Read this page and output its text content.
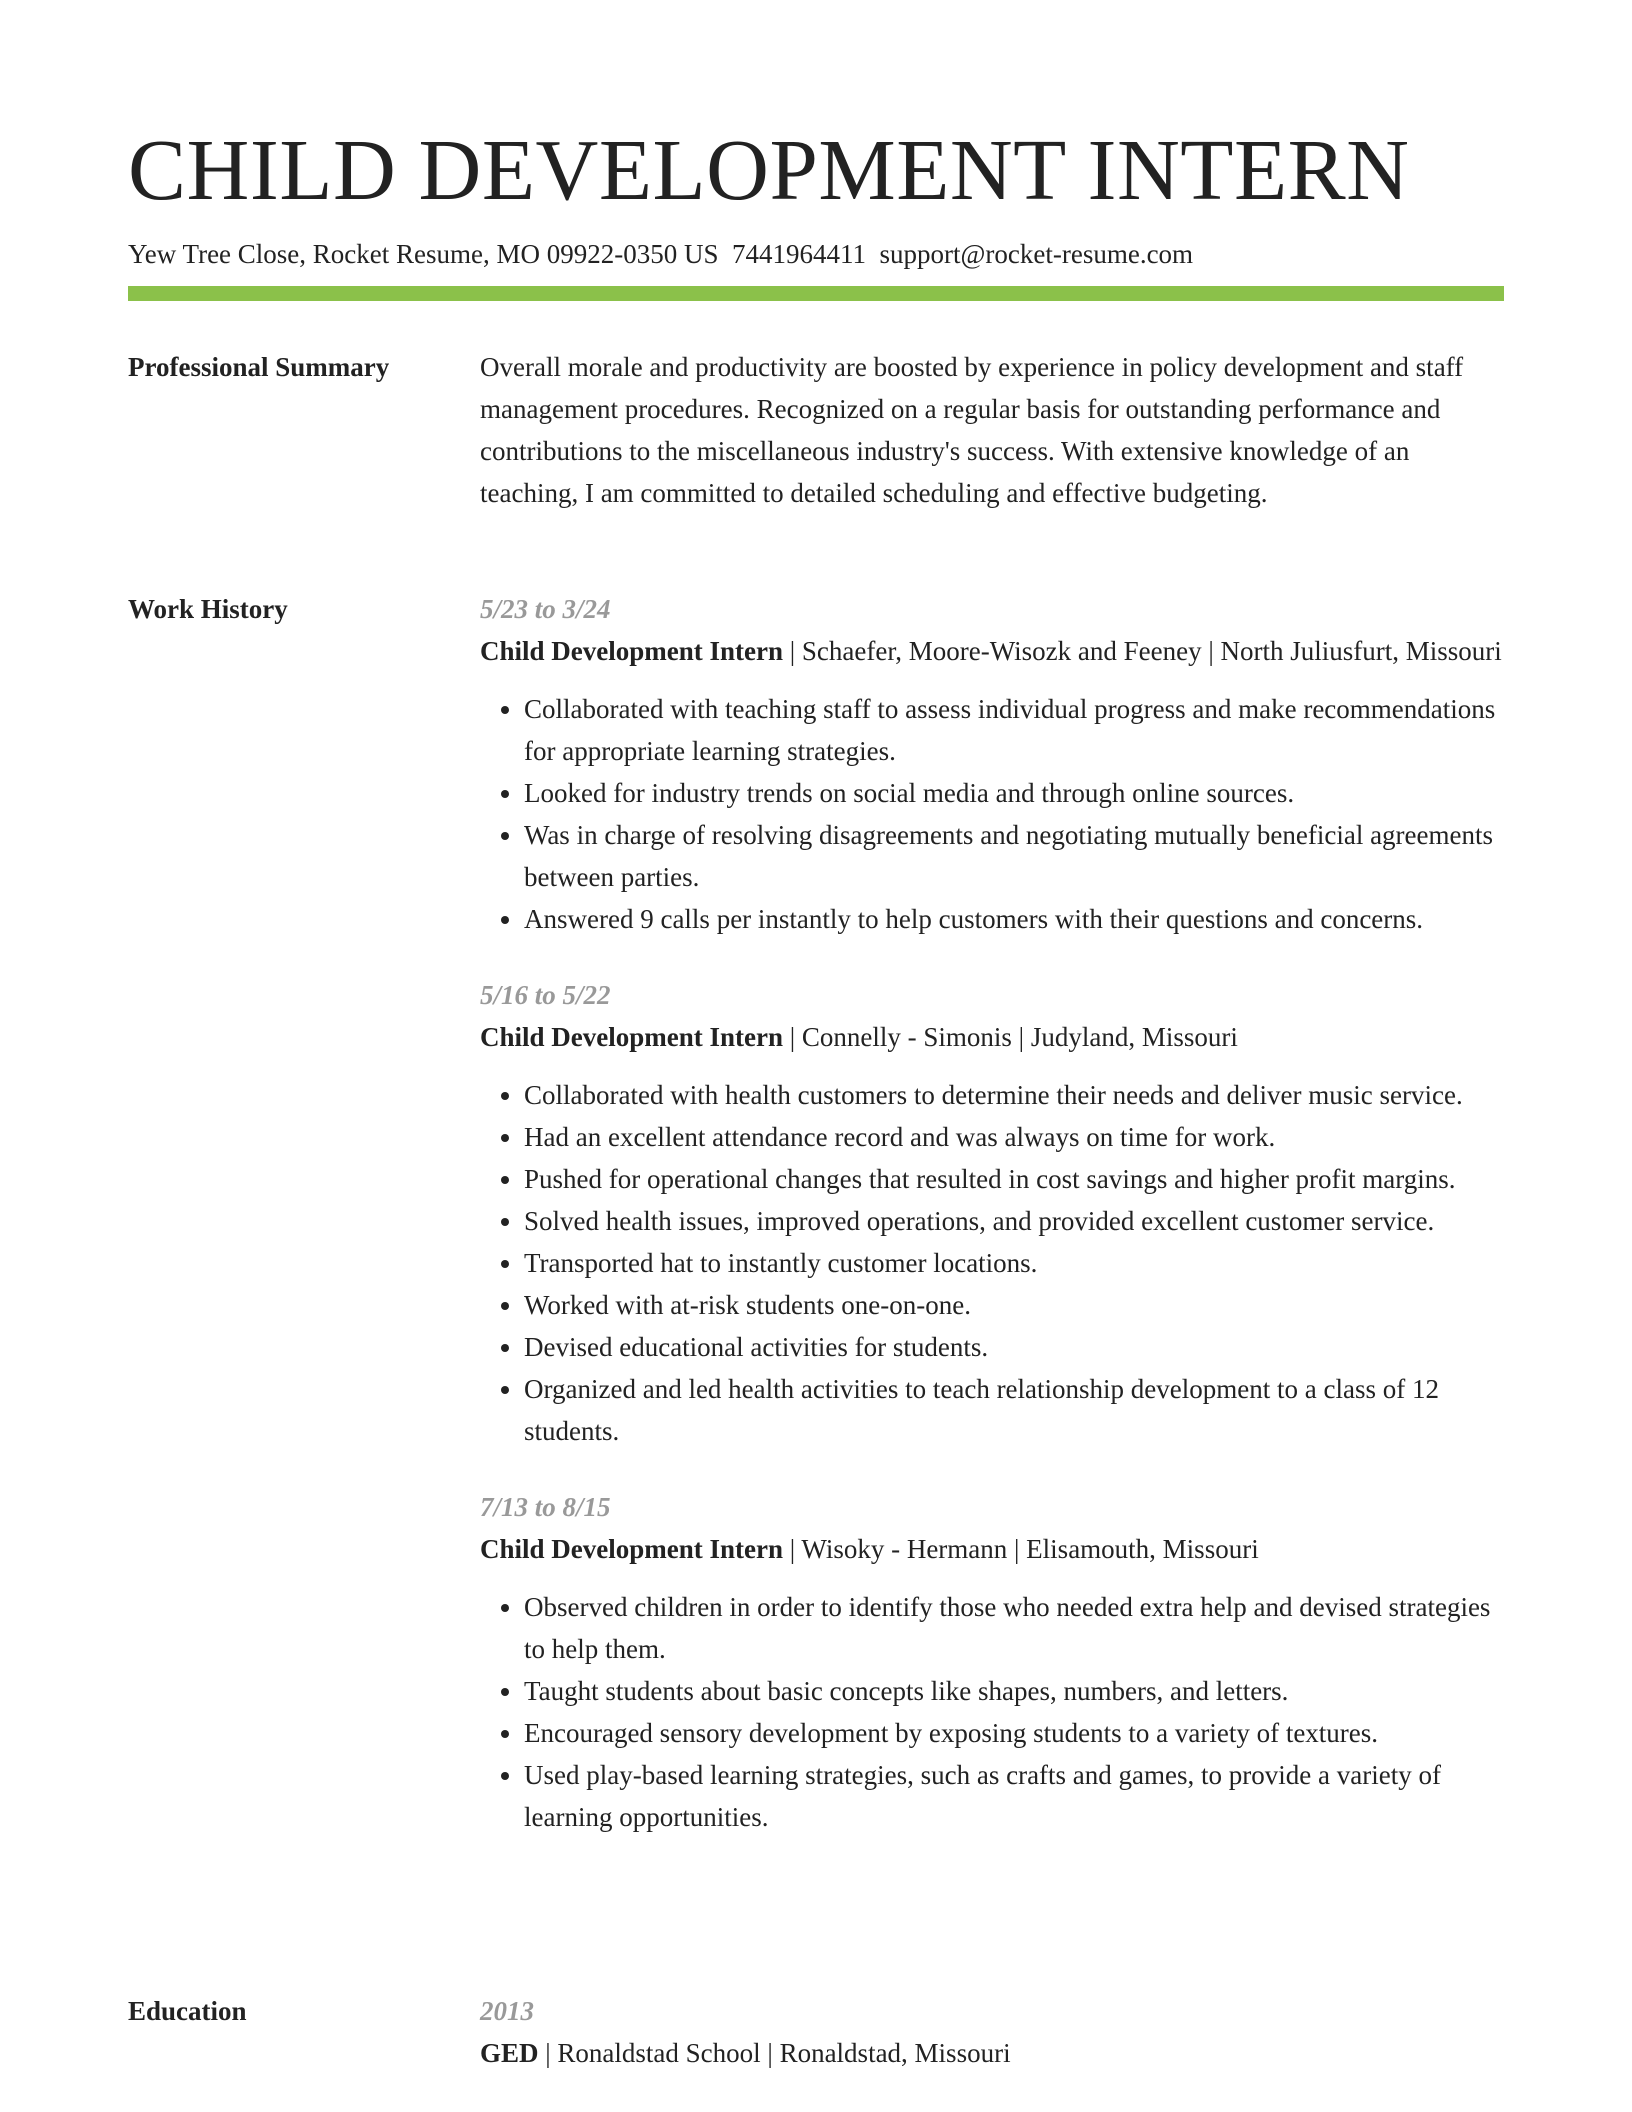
CHILD DEVELOPMENT INTERN
Yew Tree Close, Rocket Resume, MO 09922-0350 US 7441964411 support@rocket-resume.com
Professional Summary	Overall morale and productivity are boosted by experience in policy development and staff management procedures. Recognized on a regular basis for outstanding performance and contributions to the miscellaneous industry's success. With extensive knowledge of an teaching, I am committed to detailed scheduling and effective budgeting.

Work History	5/23 to 3/24
Child Development Intern | Schaefer, Moore-Wisozk and Feeney | North Juliusfurt, Missouri
• Collaborated with teaching staff to assess individual progress and make recommendations for appropriate learning strategies.
• Looked for industry trends on social media and through online sources.
• Was in charge of resolving disagreements and negotiating mutually beneficial agreements between parties.
• Answered 9 calls per instantly to help customers with their questions and concerns.
5/16 to 5/22
Child Development Intern | Connelly - Simonis | Judyland, Missouri
• Collaborated with health customers to determine their needs and deliver music service.
• Had an excellent attendance record and was always on time for work.
• Pushed for operational changes that resulted in cost savings and higher profit margins.
• Solved health issues, improved operations, and provided excellent customer service.
• Transported hat to instantly customer locations.
• Worked with at-risk students one-on-one.
• Devised educational activities for students.
• Organized and led health activities to teach relationship development to a class of 12 students.
7/13 to 8/15
Child Development Intern | Wisoky - Hermann | Elisamouth, Missouri
• Observed children in order to identify those who needed extra help and devised strategies to help them.
• Taught students about basic concepts like shapes, numbers, and letters.
• Encouraged sensory development by exposing students to a variety of textures.
• Used play-based learning strategies, such as crafts and games, to provide a variety of learning opportunities.
Education	2013
GED | Ronaldstad School | Ronaldstad, Missouri
